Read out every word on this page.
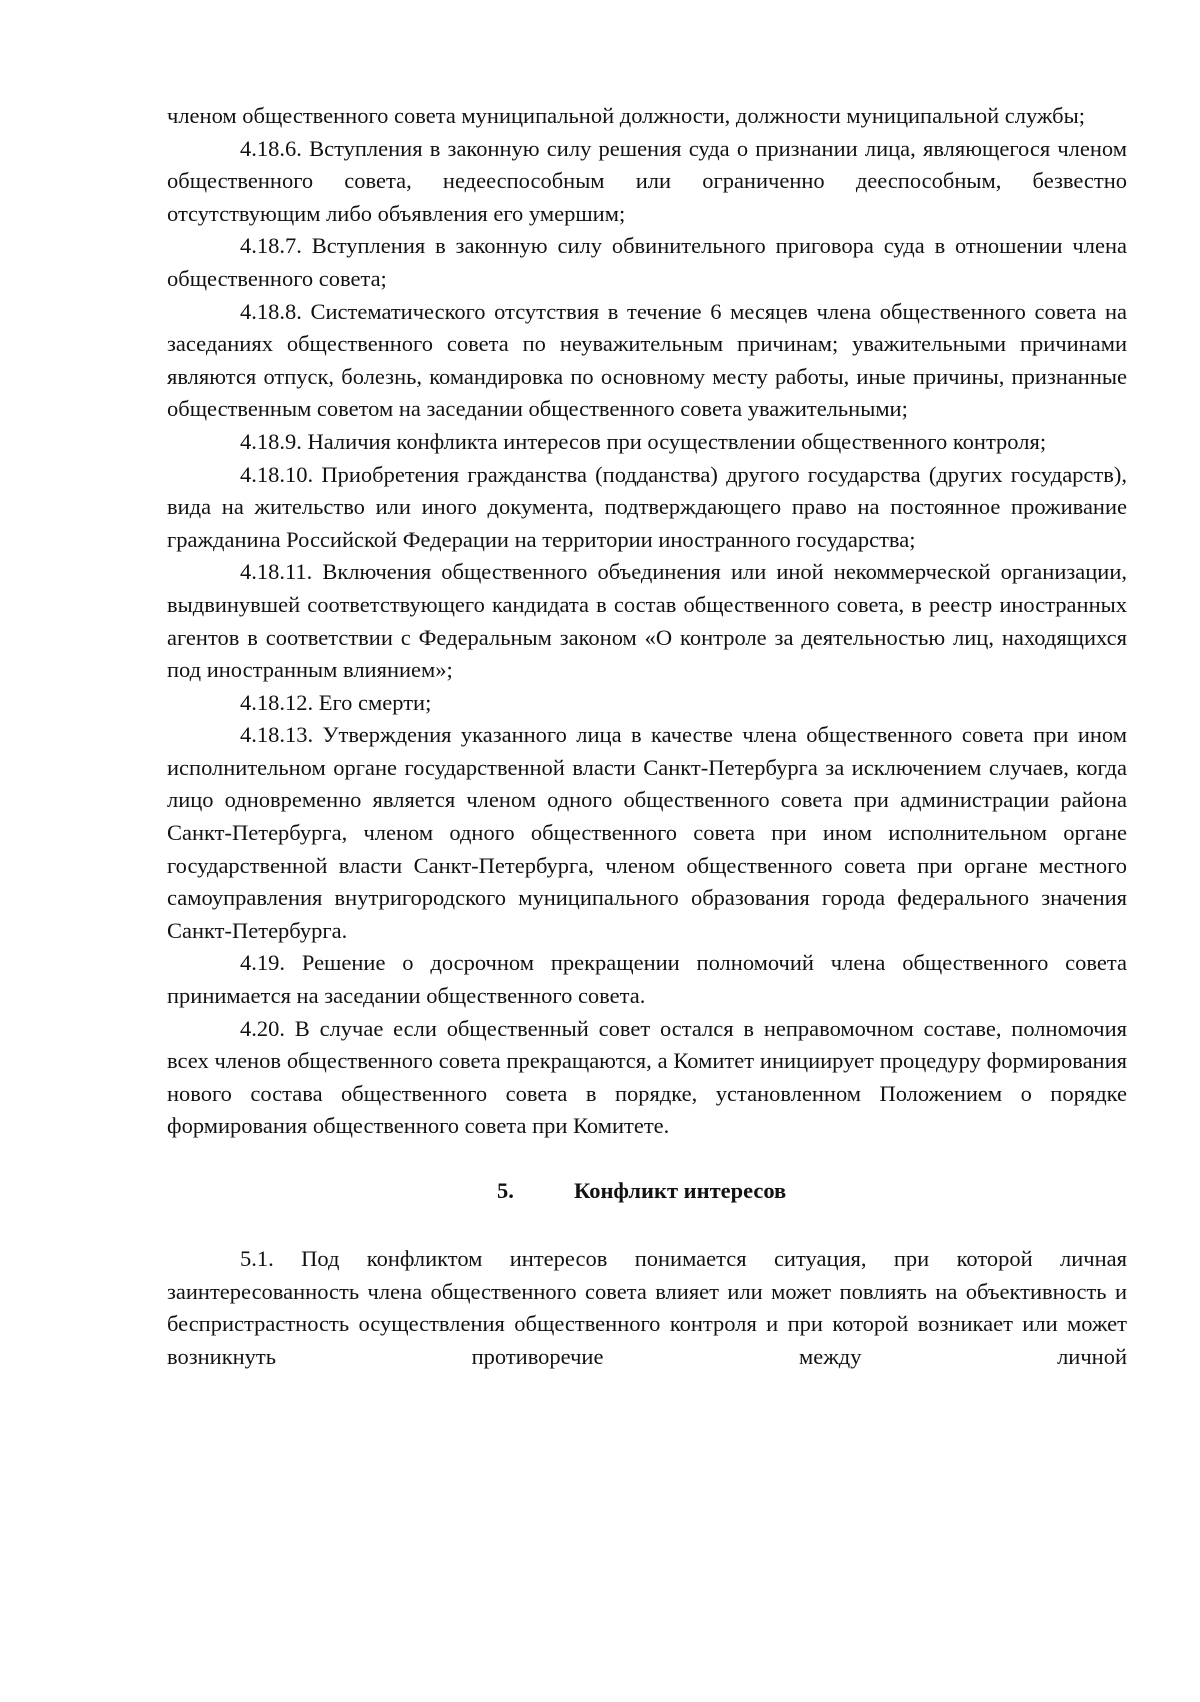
членом общественного совета муниципальной должности, должности муниципальной службы;

4.18.6. Вступления в законную силу решения суда о признании лица, являющегося членом общественного совета, недееспособным или ограниченно дееспособным, безвестно отсутствующим либо объявления его умершим;

4.18.7. Вступления в законную силу обвинительного приговора суда в отношении члена общественного совета;

4.18.8. Систематического отсутствия в течение 6 месяцев члена общественного совета на заседаниях общественного совета по неуважительным причинам; уважительными причинами являются отпуск, болезнь, командировка по основному месту работы, иные причины, признанные общественным советом на заседании общественного совета уважительными;

4.18.9. Наличия конфликта интересов при осуществлении общественного контроля;

4.18.10. Приобретения гражданства (подданства) другого государства (других государств), вида на жительство или иного документа, подтверждающего право на постоянное проживание гражданина Российской Федерации на территории иностранного государства;

4.18.11. Включения общественного объединения или иной некоммерческой организации, выдвинувшей соответствующего кандидата в состав общественного совета, в реестр иностранных агентов в соответствии с Федеральным законом «О контроле за деятельностью лиц, находящихся под иностранным влиянием»;

4.18.12. Его смерти;

4.18.13. Утверждения указанного лица в качестве члена общественного совета при ином исполнительном органе государственной власти Санкт-Петербурга за исключением случаев, когда лицо одновременно является членом одного общественного совета при администрации района Санкт-Петербурга, членом одного общественного совета при ином исполнительном органе государственной власти Санкт-Петербурга, членом общественного совета при органе местного самоуправления внутригородского муниципального образования города федерального значения Санкт-Петербурга.

4.19. Решение о досрочном прекращении полномочий члена общественного совета принимается на заседании общественного совета.

4.20. В случае если общественный совет остался в неправомочном составе, полномочия всех членов общественного совета прекращаются, а Комитет инициирует процедуру формирования нового состава общественного совета в порядке, установленном Положением о порядке формирования общественного совета при Комитете.

5.	Конфликт интересов

5.1. Под конфликтом интересов понимается ситуация, при которой личная заинтересованность члена общественного совета влияет или может повлиять на объективность и беспристрастность осуществления общественного контроля и при которой возникает или может возникнуть противоречие между личной
